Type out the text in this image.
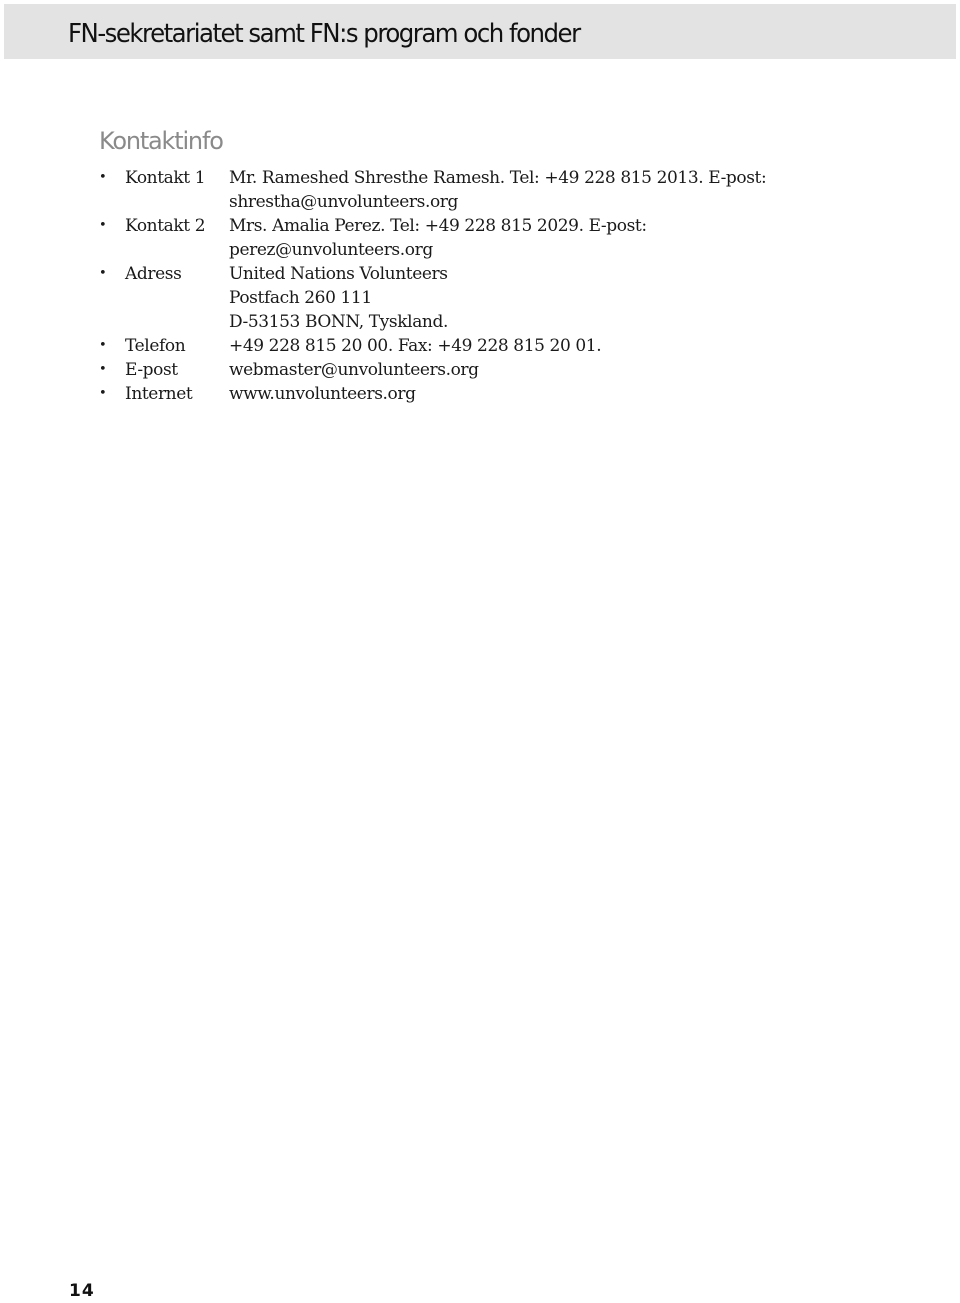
FN-sekretariatet samt FN:s program och fonder
Kontaktinfo
•	Kontakt 1	Mr. Rameshed Shresthe Ramesh. Tel: +49 228 815 2013. E-post:
shrestha@unvolunteers.org
•	Kontakt 2	Mrs. Amalia Perez. Tel: +49 228 815 2029. E-post:
perez@unvolunteers.org
•	Adress	United Nations Volunteers
Postfach 260 111
D-53153 BONN, Tyskland.
•	Telefon	+49 228 815 20 00. Fax: +49 228 815 20 01.
•	E-post	webmaster@unvolunteers.org
•	Internet	www.unvolunteers.org
14
